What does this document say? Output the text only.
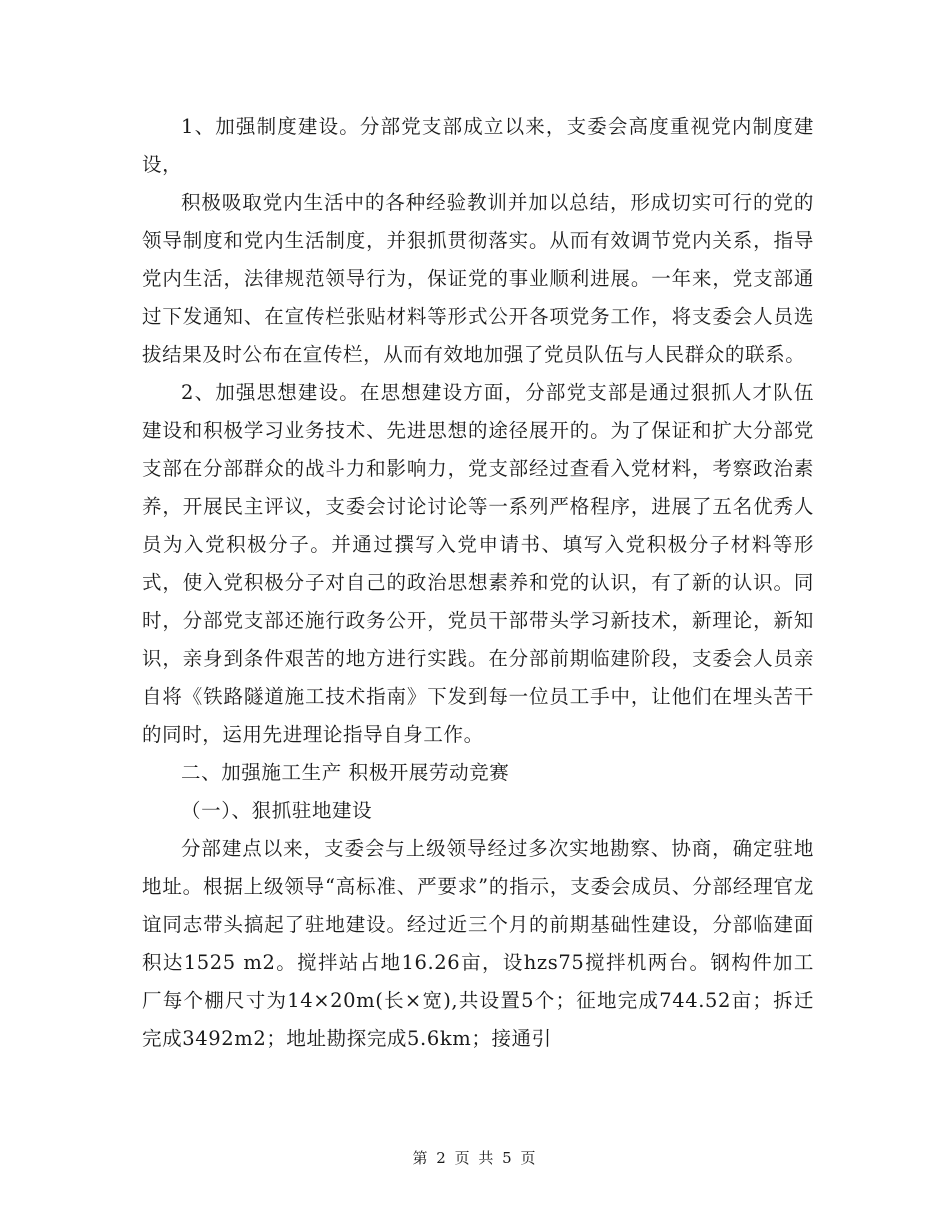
1、加强制度建设。分部党支部成立以来，支委会高度重视党内制度建设，

积极吸取党内生活中的各种经验教训并加以总结，形成切实可行的党的领导制度和党内生活制度，并狠抓贯彻落实。从而有效调节党内关系，指导党内生活，法律规范领导行为，保证党的事业顺利进展。一年来，党支部通过下发通知、在宣传栏张贴材料等形式公开各项党务工作，将支委会人员选拔结果及时公布在宣传栏，从而有效地加强了党员队伍与人民群众的联系。

2、加强思想建设。在思想建设方面，分部党支部是通过狠抓人才队伍建设和积极学习业务技术、先进思想的途径展开的。为了保证和扩大分部党支部在分部群众的战斗力和影响力，党支部经过查看入党材料，考察政治素养，开展民主评议，支委会讨论讨论等一系列严格程序，进展了五名优秀人员为入党积极分子。并通过撰写入党申请书、填写入党积极分子材料等形式，使入党积极分子对自己的政治思想素养和党的认识，有了新的认识。同时，分部党支部还施行政务公开，党员干部带头学习新技术，新理论，新知识，亲身到条件艰苦的地方进行实践。在分部前期临建阶段，支委会人员亲自将《铁路隧道施工技术指南》下发到每一位员工手中，让他们在埋头苦干的同时，运用先进理论指导自身工作。

二、加强施工生产 积极开展劳动竞赛

（一）、狠抓驻地建设

分部建点以来，支委会与上级领导经过多次实地勘察、协商，确定驻地地址。根据上级领导“高标准、严要求”的指示，支委会成员、分部经理官龙谊同志带头搞起了驻地建设。经过近三个月的前期基础性建设，分部临建面积达1525 m2。搅拌站占地16.26亩，设hzs75搅拌机两台。钢构件加工厂每个棚尺寸为14×20m(长×宽),共设置5个；征地完成744.52亩；拆迁完成3492m2；地址勘探完成5.6km；接通引

第 2 页 共 5 页
